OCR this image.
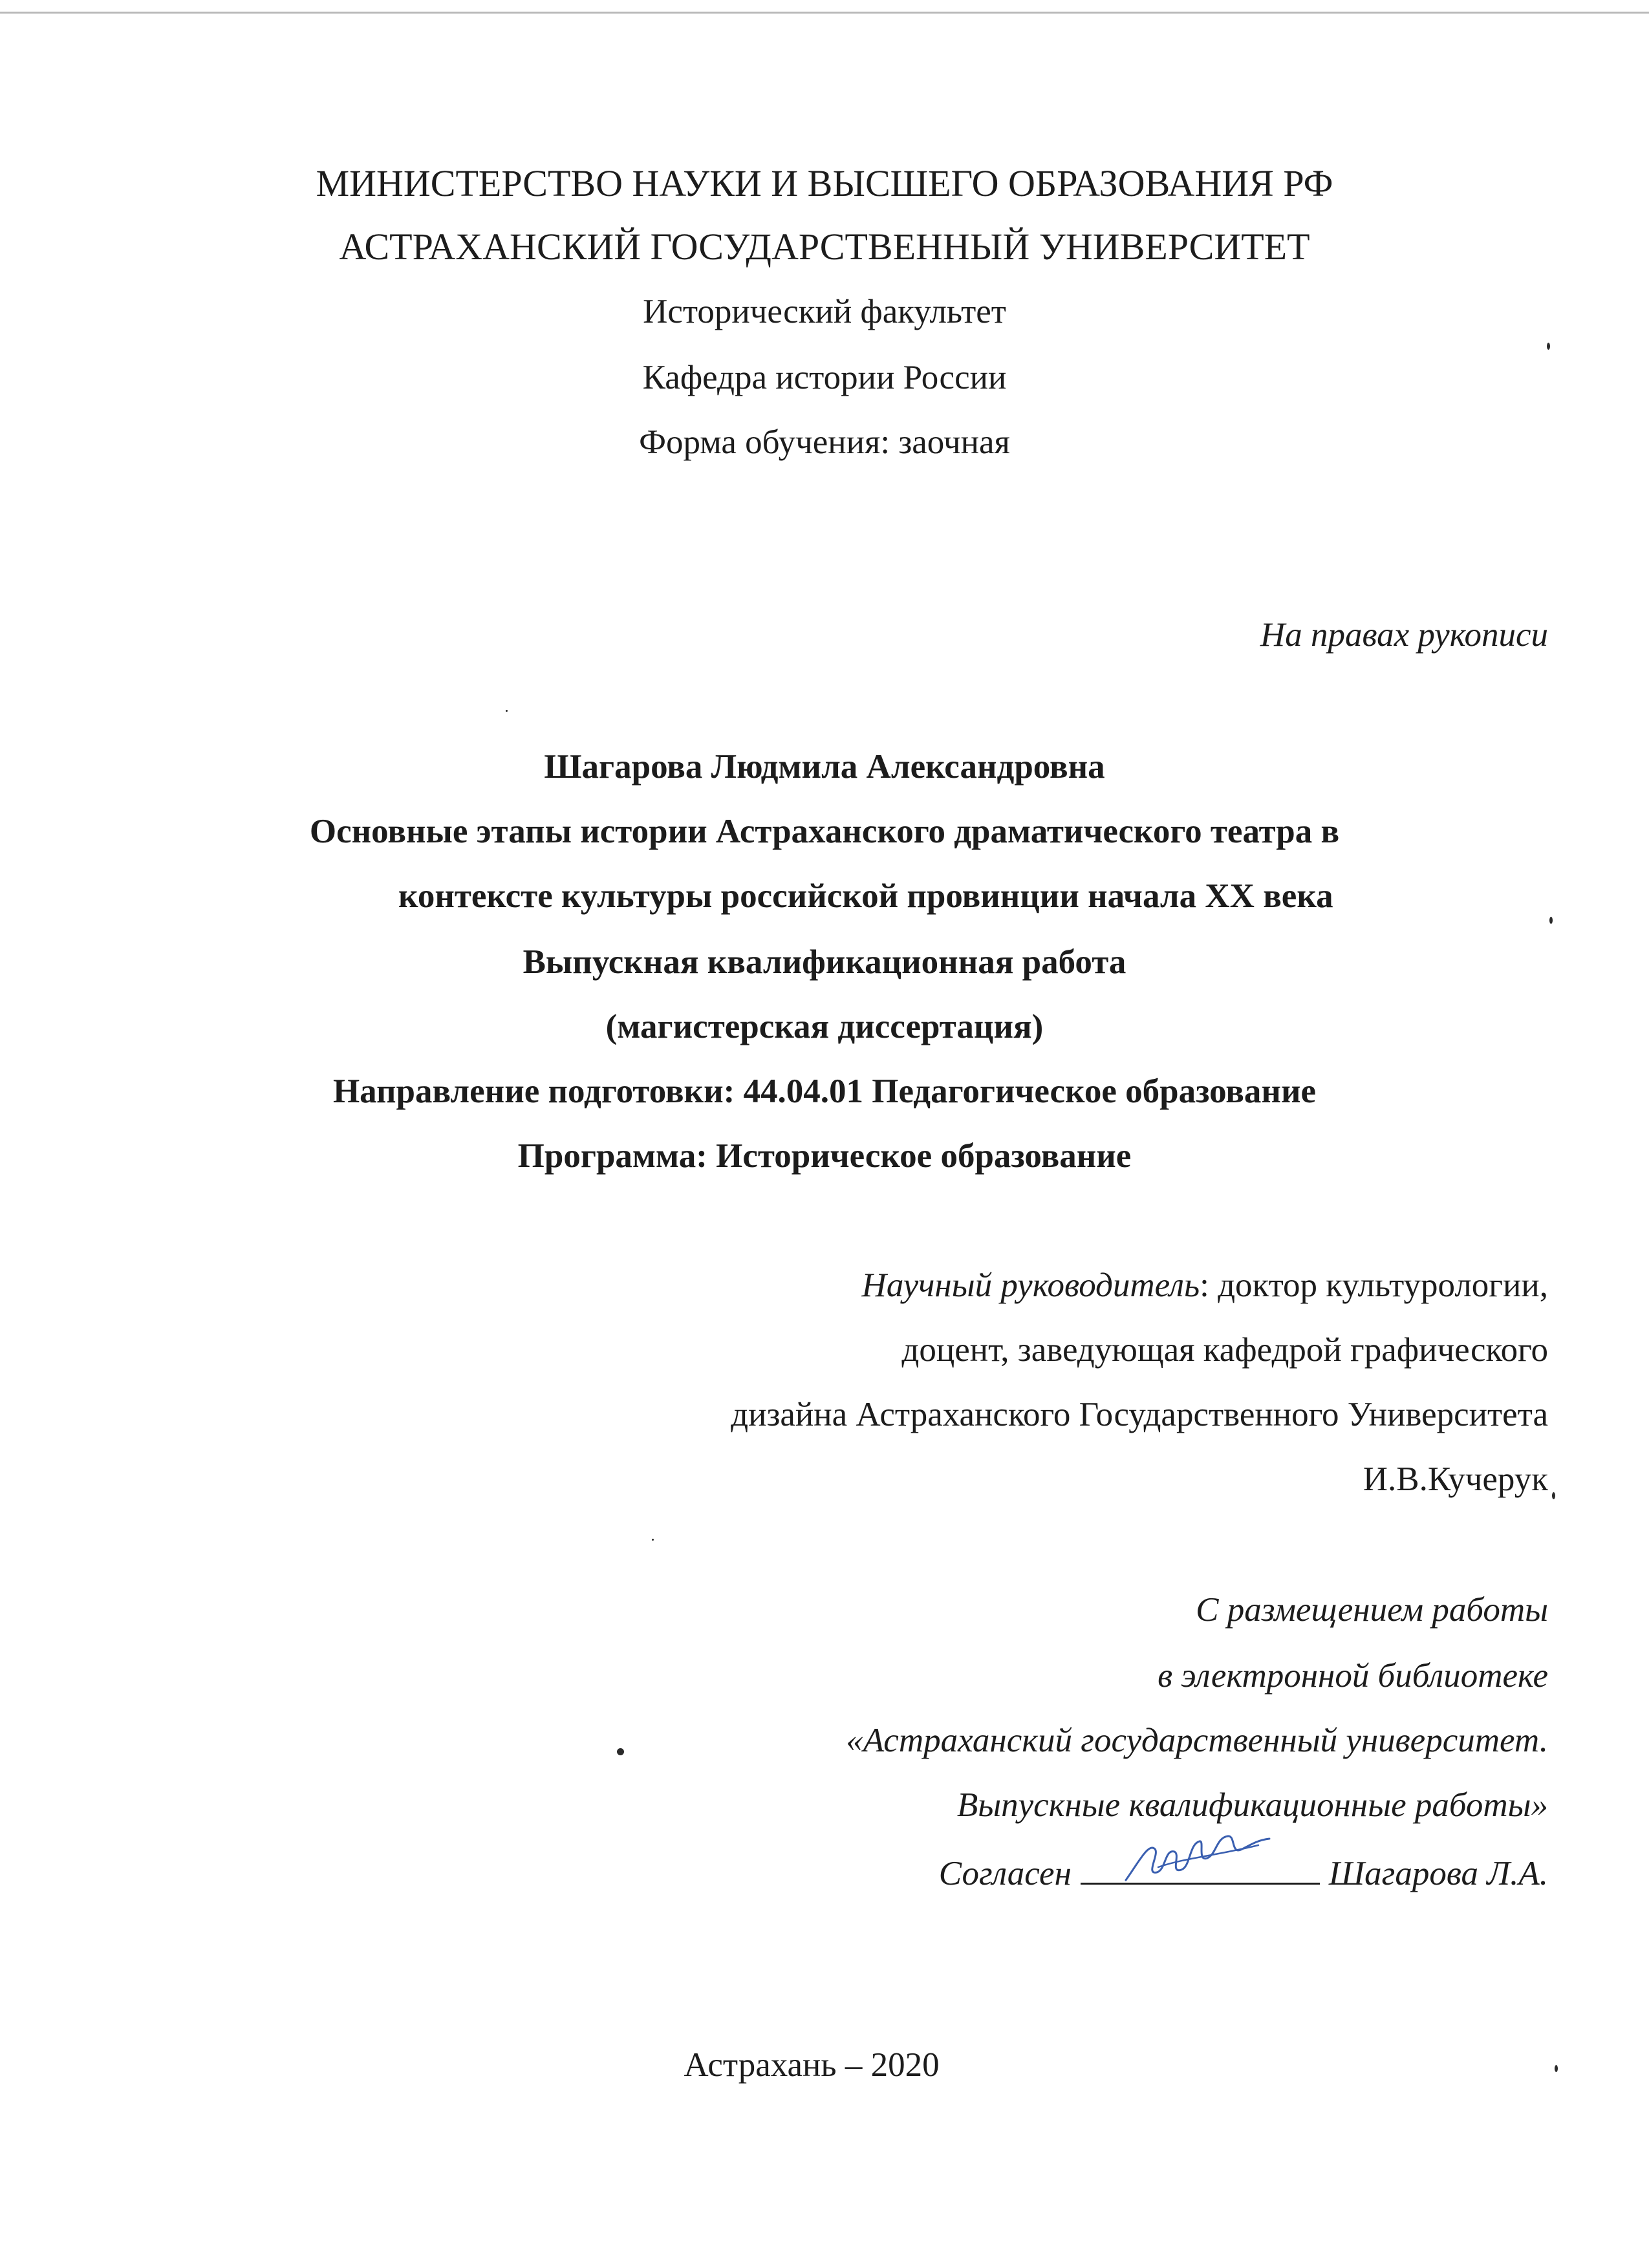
МИНИСТЕРСТВО НАУКИ И ВЫСШЕГО ОБРАЗОВАНИЯ РФ
АСТРАХАНСКИЙ ГОСУДАРСТВЕННЫЙ УНИВЕРСИТЕТ
Исторический факультет
Кафедра истории России
Форма обучения: заочная
На правах рукописи
Шагарова Людмила Александровна
Основные этапы истории Астраханского драматического театра в
контексте культуры российской провинции начала XX века
Выпускная квалификационная работа
(магистерская диссертация)
Направление подготовки: 44.04.01 Педагогическое образование
Программа: Историческое образование
Научный руководитель: доктор культурологии,
доцент, заведующая кафедрой графического
дизайна Астраханского Государственного Университета
И.В.Кучерук
С размещением работы
в электронной библиотеке
«Астраханский государственный университет.
Выпускные квалификационные работы»
Согласен	Шагарова Л.А.
Астрахань – 2020
